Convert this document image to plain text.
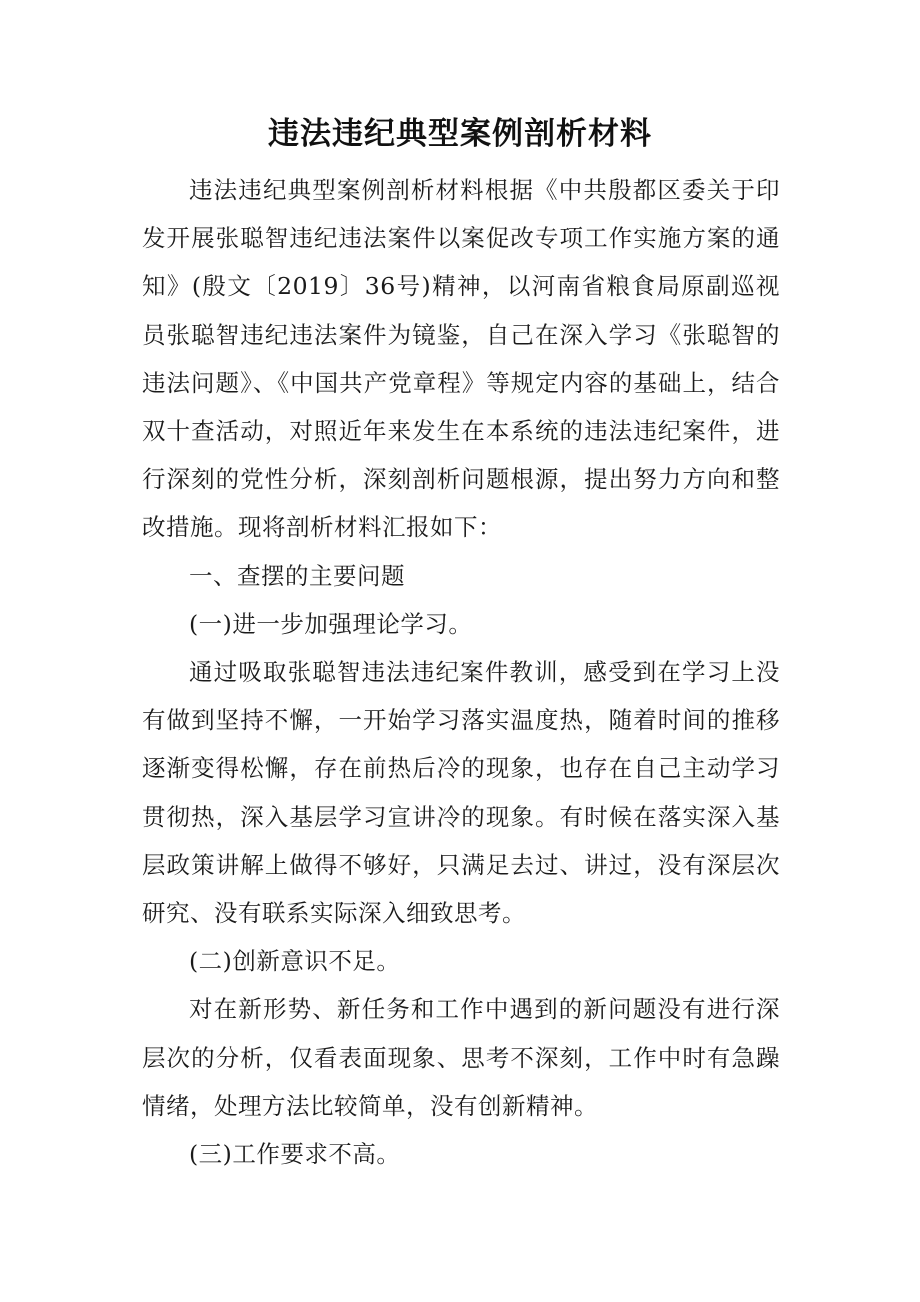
违法违纪典型案例剖析材料

违法违纪典型案例剖析材料根据《中共殷都区委关于印发开展张聪智违纪违法案件以案促改专项工作实施方案的通知》(殷文〔2019〕36号)精神，以河南省粮食局原副巡视员张聪智违纪违法案件为镜鉴，自己在深入学习《张聪智的违法问题》、《中国共产党章程》等规定内容的基础上，结合双十查活动，对照近年来发生在本系统的违法违纪案件，进行深刻的党性分析，深刻剖析问题根源，提出努力方向和整改措施。现将剖析材料汇报如下：

一、查摆的主要问题

(一)进一步加强理论学习。

通过吸取张聪智违法违纪案件教训，感受到在学习上没有做到坚持不懈，一开始学习落实温度热，随着时间的推移逐渐变得松懈，存在前热后冷的现象，也存在自己主动学习贯彻热，深入基层学习宣讲冷的现象。有时候在落实深入基层政策讲解上做得不够好，只满足去过、讲过，没有深层次研究、没有联系实际深入细致思考。

(二)创新意识不足。

对在新形势、新任务和工作中遇到的新问题没有进行深层次的分析，仅看表面现象、思考不深刻，工作中时有急躁情绪，处理方法比较简单，没有创新精神。

(三)工作要求不高。
